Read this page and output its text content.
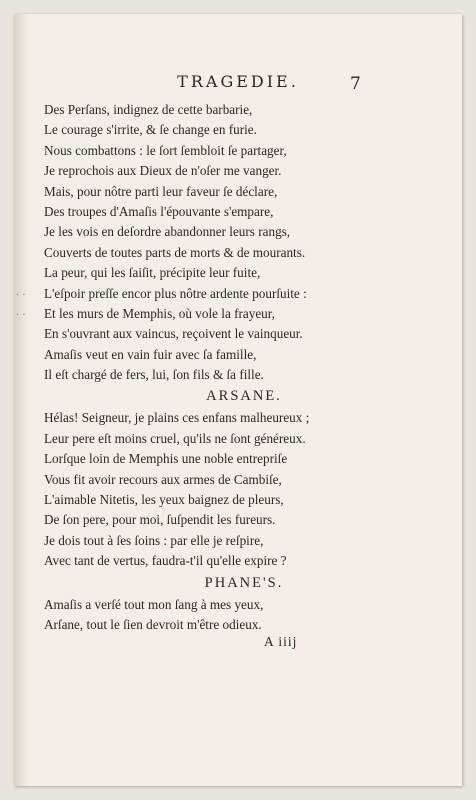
TRAGEDIE.	7
· ·
· ·
Des Perſans, indignez de cette barbarie,
Le courage s'irrite, & ſe change en furie.
Nous combattons : le ſort ſembloit ſe partager,
Je reprochois aux Dieux de n'oſer me vanger.
Mais, pour nôtre parti leur faveur ſe déclare,
Des troupes d'Amaſis l'épouvante s'empare,
Je les vois en deſordre abandonner leurs rangs,
Couverts de toutes parts de morts & de mourants.
La peur, qui les ſaiſit, précipite leur fuite,
L'eſpoir preſſe encor plus nôtre ardente pourſuite :
Et les murs de Memphis, où vole la frayeur,
En s'ouvrant aux vaincus, reçoivent le vainqueur.
Amaſis veut en vain fuir avec ſa famille,
Il eſt chargé de fers, lui, ſon fils & ſa fille.
ARSANE.
Hélas! Seigneur, je plains ces enfans malheureux ;
Leur pere eſt moins cruel, qu'ils ne ſont généreux.
Lorſque loin de Memphis une noble entrepriſe
Vous fit avoir recours aux armes de Cambiſe,
L'aimable Nitetis, les yeux baignez de pleurs,
De ſon pere, pour moi, ſuſpendit les fureurs.
Je dois tout à ſes ſoins : par elle je reſpire,
Avec tant de vertus, faudra-t'il qu'elle expire ?
PHANE'S.
Amaſis a verſé tout mon ſang à mes yeux,
Arſane, tout le ſien devroit m'être odieux.
A iiij
